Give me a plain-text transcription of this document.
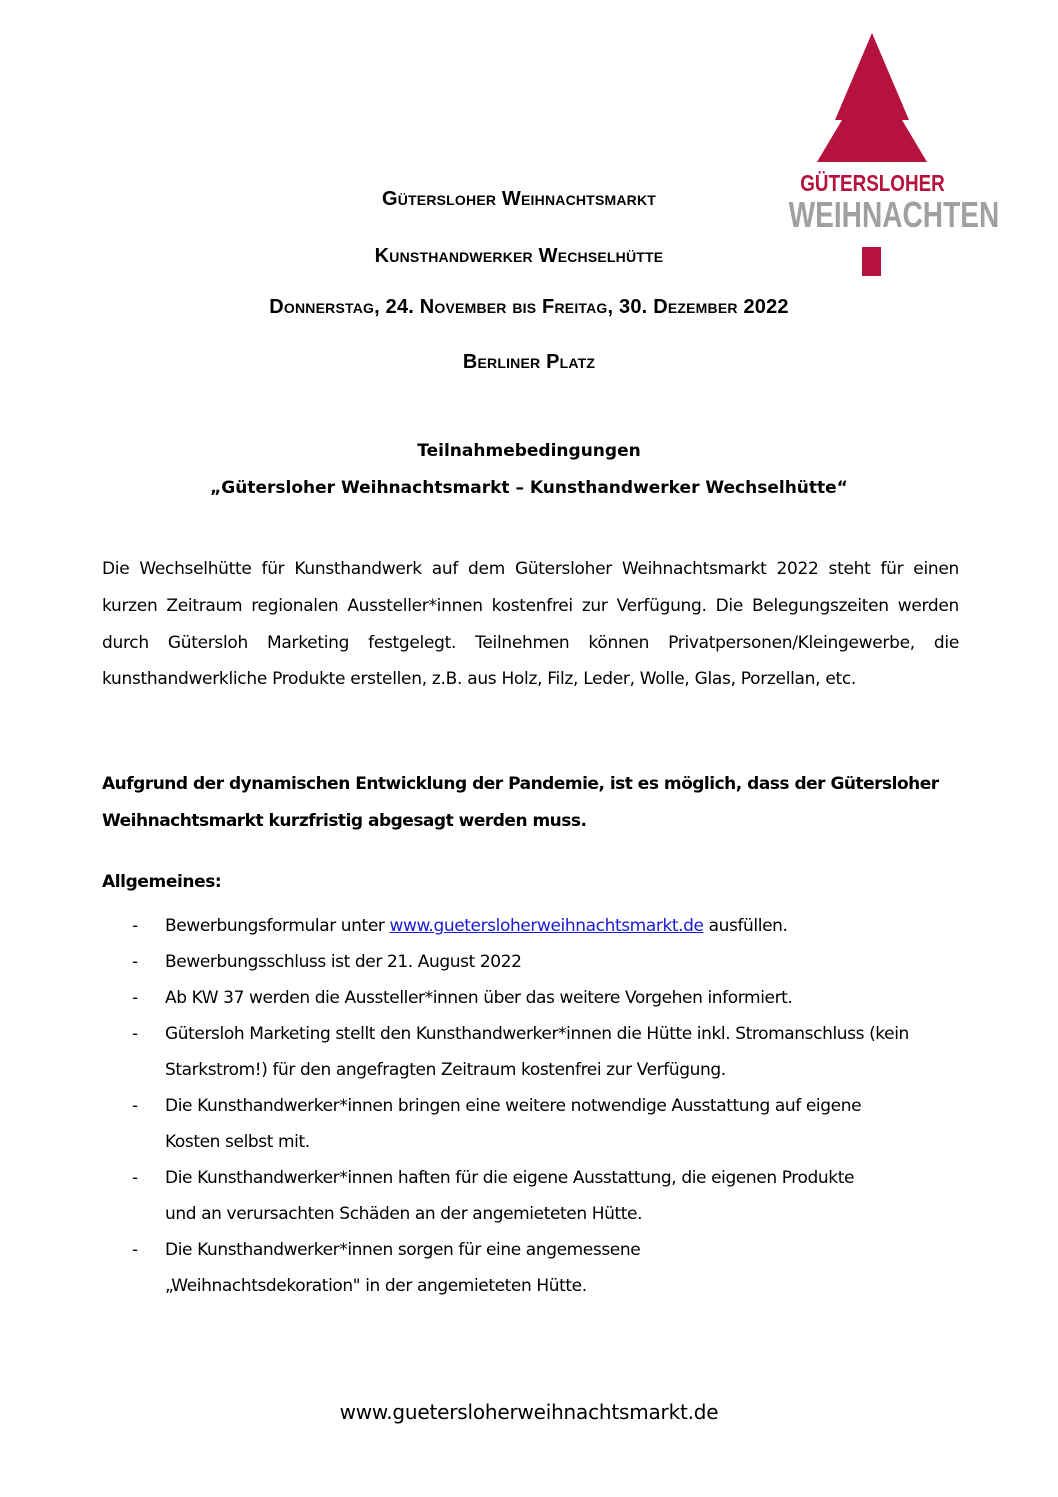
GÜTERSLOHER
WEIHNACHTEN
Gütersloher Weihnachtsmarkt
Kunsthandwerker Wechselhütte
Donnerstag, 24. November bis Freitag, 30. Dezember 2022
Berliner Platz
Teilnahmebedingungen
„Gütersloher Weihnachtsmarkt – Kunsthandwerker Wechselhütte“
Die Wechselhütte für Kunsthandwerk auf dem Gütersloher Weihnachtsmarkt 2022 steht für einen kurzen Zeitraum regionalen Aussteller*innen kostenfrei zur Verfügung. Die Belegungszeiten werden durch Gütersloh Marketing festgelegt. Teilnehmen können Privatpersonen/Kleingewerbe, die kunsthandwerkliche Produkte erstellen, z.B. aus Holz, Filz, Leder, Wolle, Glas, Porzellan, etc.
Aufgrund der dynamischen Entwicklung der Pandemie, ist es möglich, dass der Gütersloher Weihnachtsmarkt kurzfristig abgesagt werden muss.
Allgemeines:
- Bewerbungsformular unter www.guetersloherweihnachtsmarkt.de ausfüllen.
- Bewerbungsschluss ist der 21. August 2022
- Ab KW 37 werden die Aussteller*innen über das weitere Vorgehen informiert.
- Gütersloh Marketing stellt den Kunsthandwerker*innen die Hütte inkl. Stromanschluss (kein Starkstrom!) für den angefragten Zeitraum kostenfrei zur Verfügung.
- Die Kunsthandwerker*innen bringen eine weitere notwendige Ausstattung auf eigene Kosten selbst mit.
- Die Kunsthandwerker*innen haften für die eigene Ausstattung, die eigenen Produkte und an verursachten Schäden an der angemieteten Hütte.
- Die Kunsthandwerker*innen sorgen für eine angemessene „Weihnachtsdekoration" in der angemieteten Hütte.
www.guetersloherweihnachtsmarkt.de
